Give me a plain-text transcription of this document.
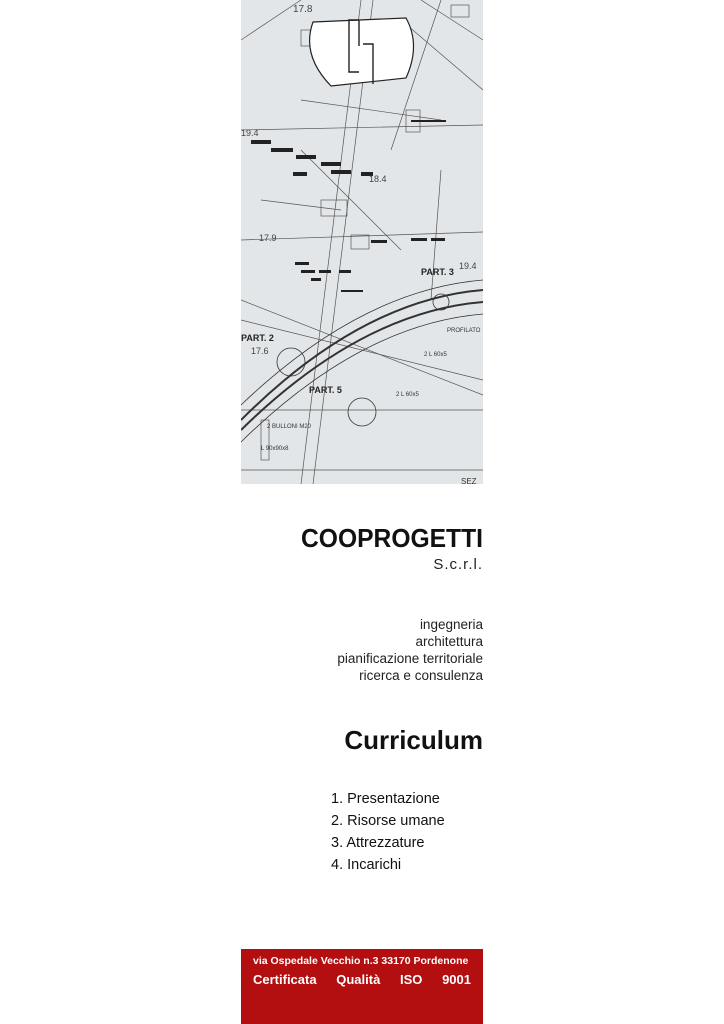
17.8
19.4
18.4
17.9
19.4
17.6
PART. 2
PART. 3
PART. 5
2 L 60x5
2 L 60x5
2 BULLONI M20
L 90x90x8
PROFILATO
SEZ
COOPROGETTI
S.c.r.l.
ingegneria
architettura
pianificazione territoriale
ricerca e consulenza
Curriculum
1. Presentazione
2. Risorse umane
3. Attrezzature
4. Incarichi
via Ospedale Vecchio n.3 33170 Pordenone
Certificata Qualità ISO 9001
